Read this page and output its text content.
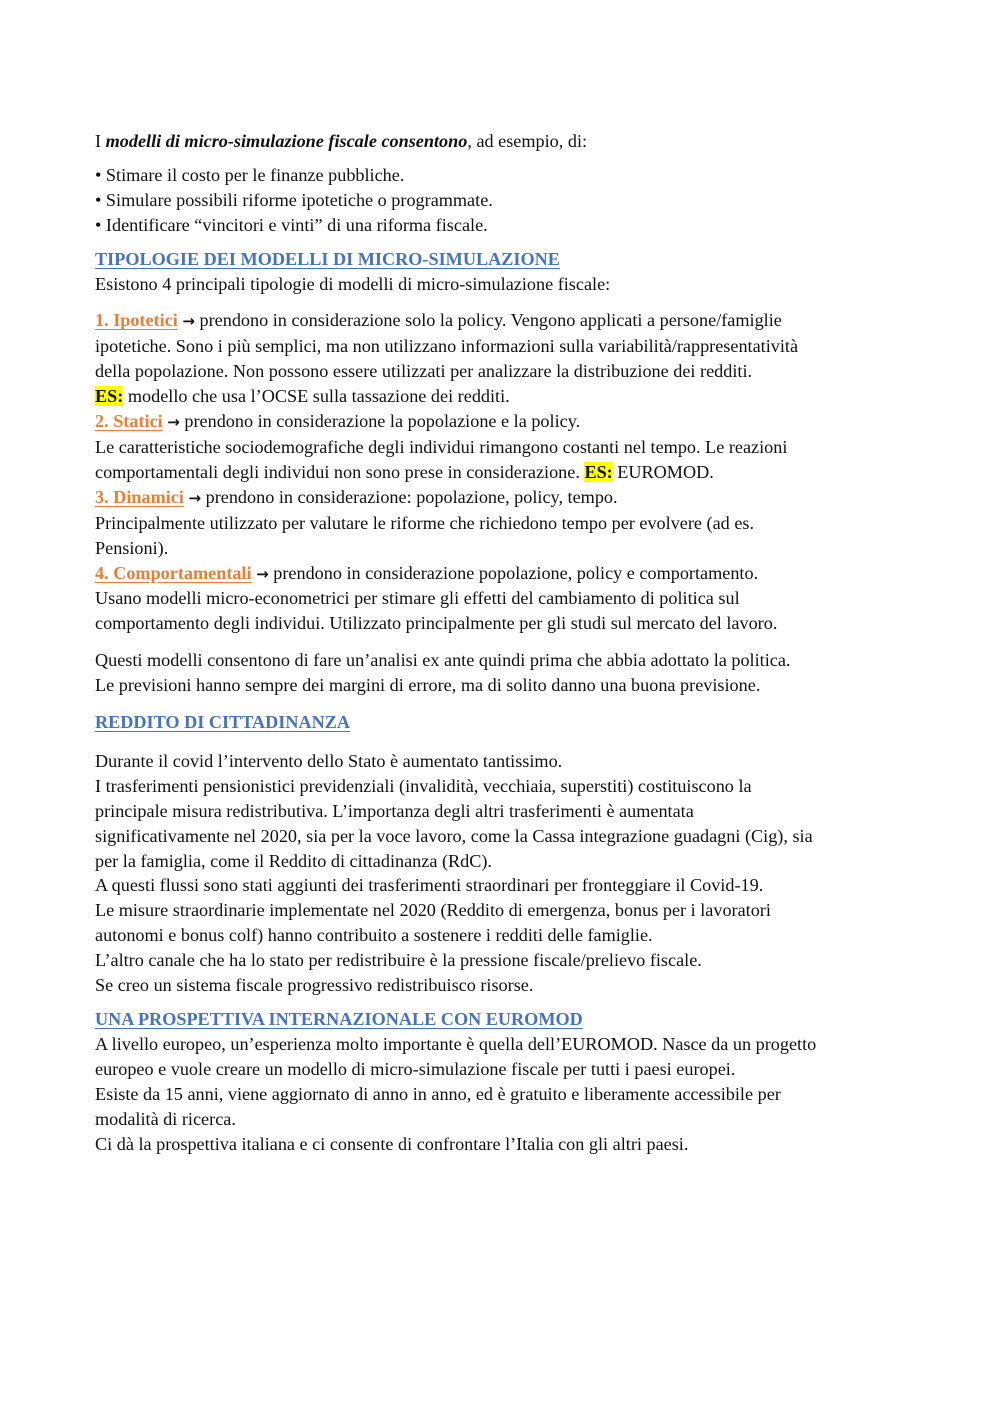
I modelli di micro-simulazione fiscale consentono, ad esempio, di:

• Stimare il costo per le finanze pubbliche.

• Simulare possibili riforme ipotetiche o programmate.

• Identificare “vincitori e vinti” di una riforma fiscale.

TIPOLOGIE DEI MODELLI DI MICRO-SIMULAZIONE

Esistono 4 principali tipologie di modelli di micro-simulazione fiscale:

1. Ipotetici → prendono in considerazione solo la policy. Vengono applicati a persone/famiglie

ipotetiche. Sono i più semplici, ma non utilizzano informazioni sulla variabilità/rappresentatività

della popolazione. Non possono essere utilizzati per analizzare la distribuzione dei redditi.

ES: modello che usa l’OCSE sulla tassazione dei redditi.

2. Statici → prendono in considerazione la popolazione e la policy.

Le caratteristiche sociodemografiche degli individui rimangono costanti nel tempo. Le reazioni

comportamentali degli individui non sono prese in considerazione. ES: EUROMOD.

3. Dinamici → prendono in considerazione: popolazione, policy, tempo.

Principalmente utilizzato per valutare le riforme che richiedono tempo per evolvere (ad es.

Pensioni).

4. Comportamentali → prendono in considerazione popolazione, policy e comportamento.

Usano modelli micro-econometrici per stimare gli effetti del cambiamento di politica sul

comportamento degli individui. Utilizzato principalmente per gli studi sul mercato del lavoro.

Questi modelli consentono di fare un’analisi ex ante quindi prima che abbia adottato la politica.

Le previsioni hanno sempre dei margini di errore, ma di solito danno una buona previsione.

REDDITO DI CITTADINANZA

Durante il covid l’intervento dello Stato è aumentato tantissimo.

I trasferimenti pensionistici previdenziali (invalidità, vecchiaia, superstiti) costituiscono la

principale misura redistributiva. L’importanza degli altri trasferimenti è aumentata

significativamente nel 2020, sia per la voce lavoro, come la Cassa integrazione guadagni (Cig), sia

per la famiglia, come il Reddito di cittadinanza (RdC).

A questi flussi sono stati aggiunti dei trasferimenti straordinari per fronteggiare il Covid-19.

Le misure straordinarie implementate nel 2020 (Reddito di emergenza, bonus per i lavoratori

autonomi e bonus colf) hanno contribuito a sostenere i redditi delle famiglie.

L’altro canale che ha lo stato per redistribuire è la pressione fiscale/prelievo fiscale.

Se creo un sistema fiscale progressivo redistribuisco risorse.

UNA PROSPETTIVA INTERNAZIONALE CON EUROMOD

A livello europeo, un’esperienza molto importante è quella dell’EUROMOD. Nasce da un progetto

europeo e vuole creare un modello di micro-simulazione fiscale per tutti i paesi europei.

Esiste da 15 anni, viene aggiornato di anno in anno, ed è gratuito e liberamente accessibile per

modalità di ricerca.

Ci dà la prospettiva italiana e ci consente di confrontare l’Italia con gli altri paesi.
